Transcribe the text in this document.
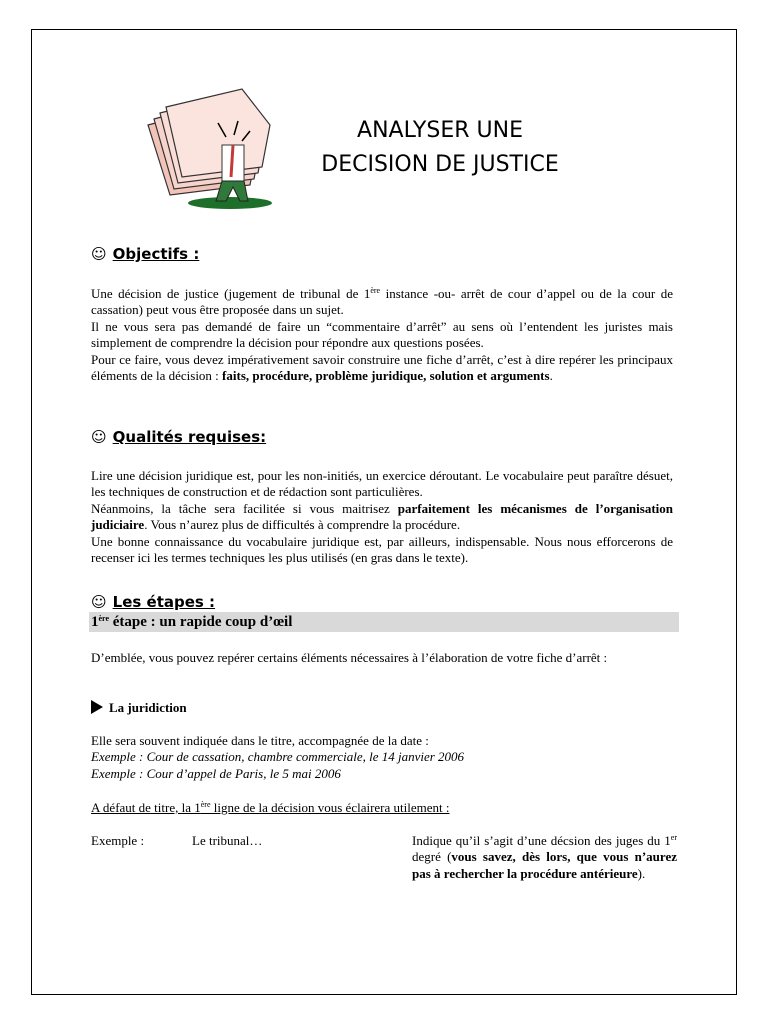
ANALYSER UNE
DECISION DE JUSTICE
☺ Objectifs :

Une décision de justice (jugement de tribunal de 1ère instance -ou- arrêt de cour d’appel ou de la cour de cassation) peut vous être proposée dans un sujet.

Il ne vous sera pas demandé de faire un “commentaire d’arrêt” au sens où l’entendent les juristes mais simplement de comprendre la décision pour répondre aux questions posées.

Pour ce faire, vous devez impérativement savoir construire une fiche d’arrêt, c’est à dire repérer les principaux éléments de la décision : faits, procédure, problème juridique, solution et arguments.

☺ Qualités requises:

Lire une décision juridique est, pour les non-initiés, un exercice déroutant. Le vocabulaire peut paraître désuet, les techniques de construction et de rédaction sont particulières.

Néanmoins, la tâche sera facilitée si vous maitrisez parfaitement les mécanismes de l’organisation judiciaire. Vous n’aurez plus de difficultés à comprendre la procédure.

Une bonne connaissance du vocabulaire juridique est, par ailleurs, indispensable. Nous nous efforcerons de recenser ici les termes techniques les plus utilisés (en gras dans le texte).

☺ Les étapes :
1ère étape : un rapide coup d’œil
D’emblée, vous pouvez repérer certains éléments nécessaires à l’élaboration de votre fiche d’arrêt :
La juridiction
Elle sera souvent indiquée dans le titre, accompagnée de la date :
Exemple : Cour de cassation, chambre commerciale, le 14 janvier 2006
Exemple : Cour d’appel de Paris, le 5 mai 2006
A défaut de titre, la 1ère ligne de la décision vous éclairera utilement :
Exemple :	Le tribunal…	Indique qu’il s’agit d’une décsion des juges du 1er degré (vous savez, dès lors, que vous n’aurez pas à rechercher la procédure antérieure).
